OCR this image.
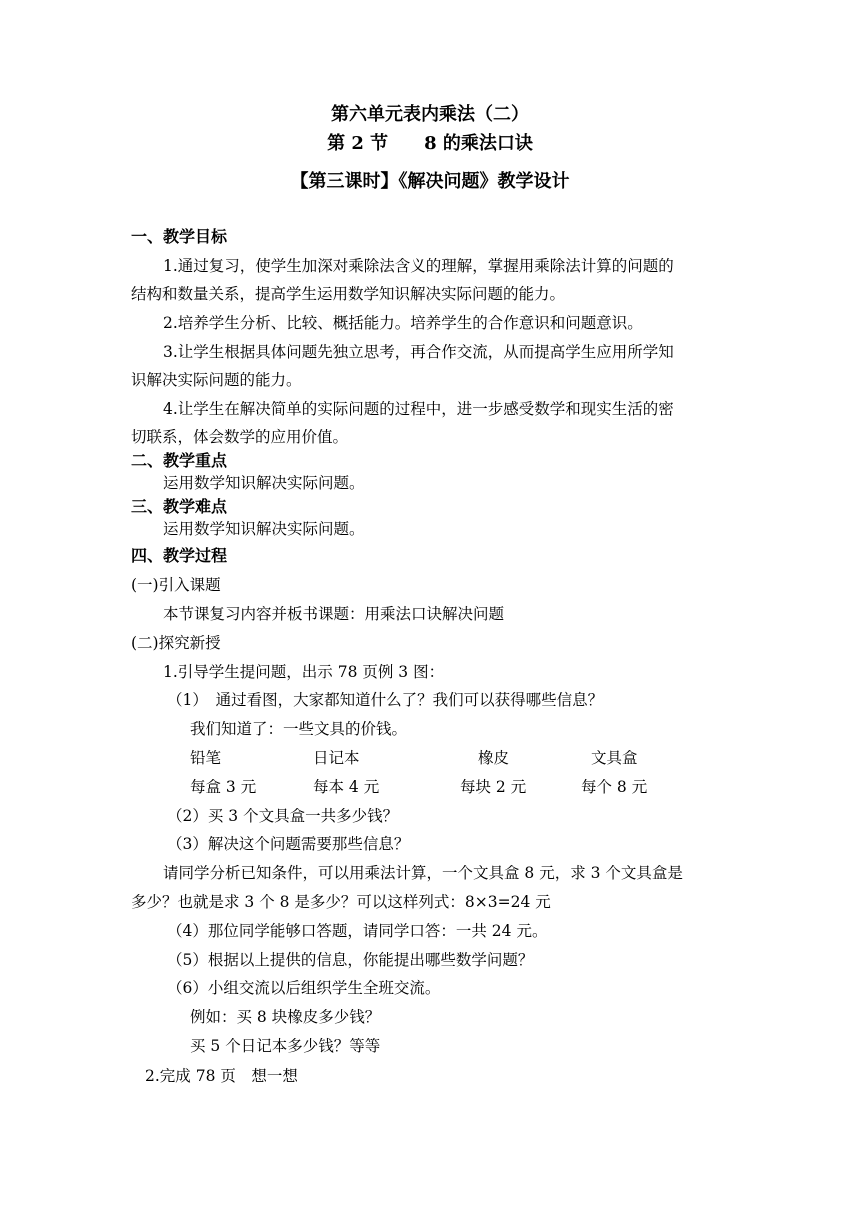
第六单元表内乘法（二）
第 2 节　　8 的乘法口诀
【第三课时】《解决问题》教学设计
一、教学目标
1.通过复习，使学生加深对乘除法含义的理解，掌握用乘除法计算的问题的
结构和数量关系，提高学生运用数学知识解决实际问题的能力。
2.培养学生分析、比较、概括能力。培养学生的合作意识和问题意识。
3.让学生根据具体问题先独立思考，再合作交流，从而提高学生应用所学知
识解决实际问题的能力。
4.让学生在解决简单的实际问题的过程中，进一步感受数学和现实生活的密
切联系，体会数学的应用价值。
二、教学重点
运用数学知识解决实际问题。
三、教学难点
运用数学知识解决实际问题。
四、教学过程
(一)引入课题
本节课复习内容并板书课题：用乘法口诀解决问题
(二)探究新授
1.引导学生提问题，出示 78 页例 3 图：
（1）　通过看图，大家都知道什么了？我们可以获得哪些信息？
我们知道了：一些文具的价钱。
铅笔	日记本	橡皮	文具盒
每盒 3 元	每本 4 元	每块 2 元	每个 8 元
（2）买 3 个文具盒一共多少钱？
（3）解决这个问题需要那些信息？
请同学分析已知条件，可以用乘法计算，一个文具盒 8 元，求 3 个文具盒是
多少？也就是求 3 个 8 是多少？可以这样列式：8×3=24 元
（4）那位同学能够口答题，请同学口答：一共 24 元。
（5）根据以上提供的信息，你能提出哪些数学问题？
（6）小组交流以后组织学生全班交流。
例如：买 8 块橡皮多少钱？
买 5 个日记本多少钱？等等
2.完成 78 页　想一想
